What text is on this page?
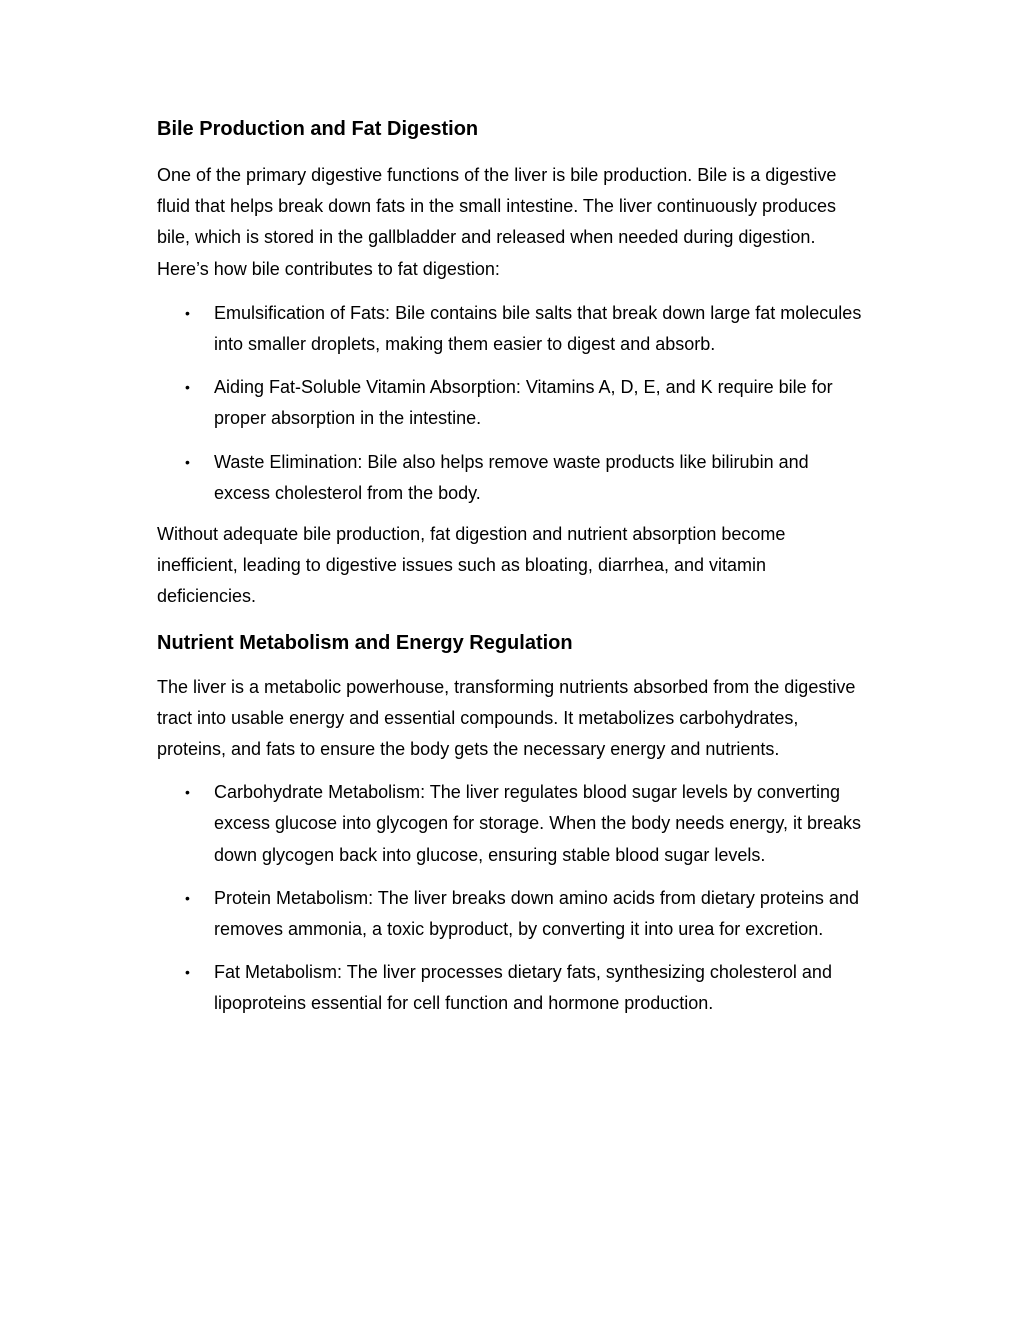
Bile Production and Fat Digestion

One of the primary digestive functions of the liver is bile production. Bile is a digestive fluid that helps break down fats in the small intestine. The liver continuously produces bile, which is stored in the gallbladder and released when needed during digestion. Here’s how bile contributes to fat digestion:

• Emulsification of Fats: Bile contains bile salts that break down large fat molecules into smaller droplets, making them easier to digest and absorb.
• Aiding Fat-Soluble Vitamin Absorption: Vitamins A, D, E, and K require bile for proper absorption in the intestine.
• Waste Elimination: Bile also helps remove waste products like bilirubin and excess cholesterol from the body.

Without adequate bile production, fat digestion and nutrient absorption become inefficient, leading to digestive issues such as bloating, diarrhea, and vitamin deficiencies.

Nutrient Metabolism and Energy Regulation

The liver is a metabolic powerhouse, transforming nutrients absorbed from the digestive tract into usable energy and essential compounds. It metabolizes carbohydrates, proteins, and fats to ensure the body gets the necessary energy and nutrients.

• Carbohydrate Metabolism: The liver regulates blood sugar levels by converting excess glucose into glycogen for storage. When the body needs energy, it breaks down glycogen back into glucose, ensuring stable blood sugar levels.
• Protein Metabolism: The liver breaks down amino acids from dietary proteins and removes ammonia, a toxic byproduct, by converting it into urea for excretion.
• Fat Metabolism: The liver processes dietary fats, synthesizing cholesterol and lipoproteins essential for cell function and hormone production.
